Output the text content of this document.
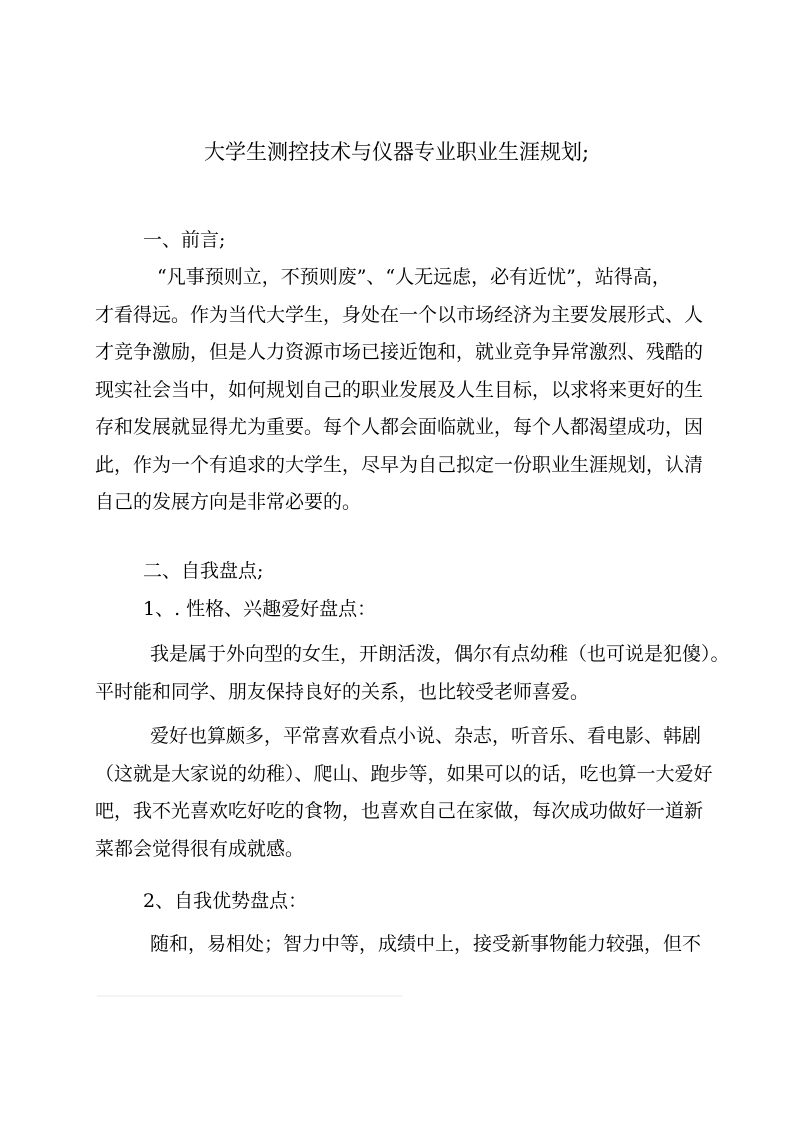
大学生测控技术与仪器专业职业生涯规划;
一、前言;
“凡事预则立，不预则废”、“人无远虑，必有近忧”，站得高，
才看得远。作为当代大学生，身处在一个以市场经济为主要发展形式、人
才竞争激励，但是人力资源市场已接近饱和，就业竞争异常激烈、残酷的
现实社会当中，如何规划自己的职业发展及人生目标，以求将来更好的生
存和发展就显得尤为重要。每个人都会面临就业，每个人都渴望成功，因
此，作为一个有追求的大学生，尽早为自己拟定一份职业生涯规划，认清
自己的发展方向是非常必要的。
二、自我盘点;
1、. 性格、兴趣爱好盘点：
我是属于外向型的女生，开朗活泼，偶尔有点幼稚（也可说是犯傻）。
平时能和同学、朋友保持良好的关系，也比较受老师喜爱。
爱好也算颇多，平常喜欢看点小说、杂志，听音乐、看电影、韩剧
（这就是大家说的幼稚）、爬山、跑步等，如果可以的话，吃也算一大爱好
吧，我不光喜欢吃好吃的食物，也喜欢自己在家做，每次成功做好一道新
菜都会觉得很有成就感。
2、自我优势盘点：
随和，易相处；智力中等，成绩中上，接受新事物能力较强，但不
